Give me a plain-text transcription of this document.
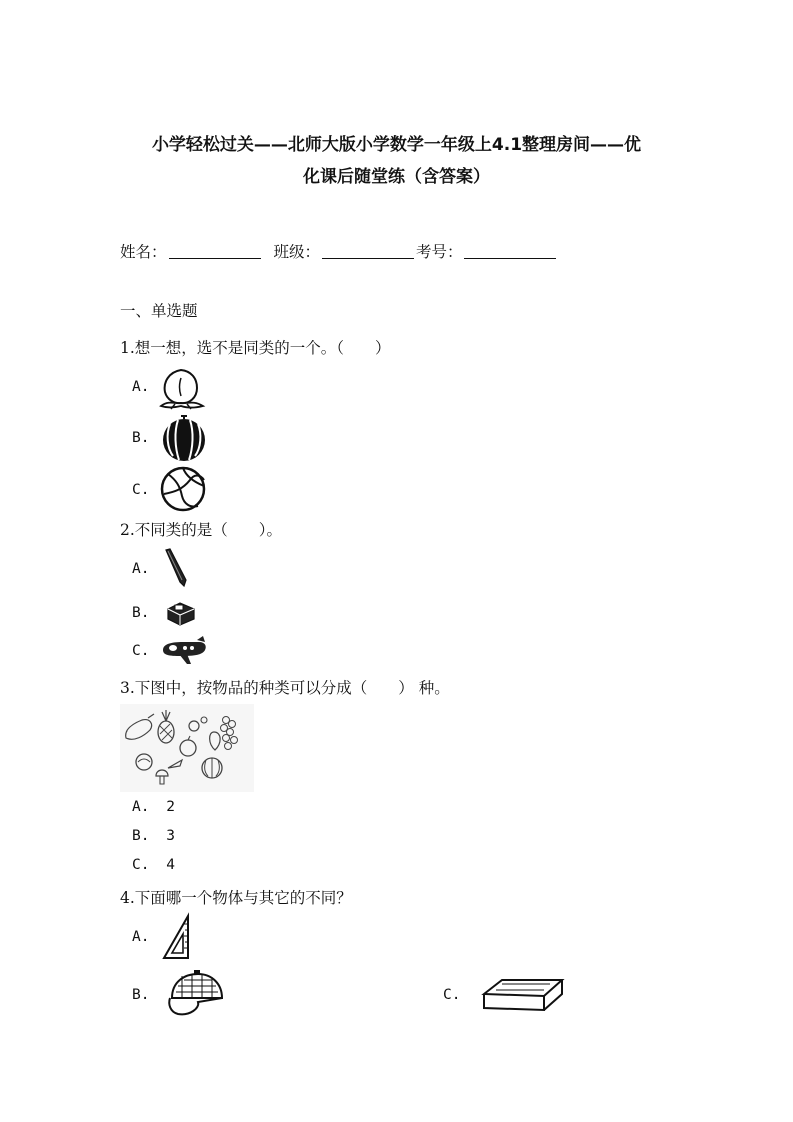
小学轻松过关——北师大版小学数学一年级上4.1整理房间——优
化课后随堂练（含答案）
姓名：	班级：	考号：
一、单选题
1.想一想，选不是同类的一个。（　　）
A.
B.
C.
2.不同类的是（　　）。
A.
B.
C.
3.下图中，按物品的种类可以分成（　　） 种。
A. 2
B. 3
C. 4
4.下面哪一个物体与其它的不同？
A.
B.	C.
